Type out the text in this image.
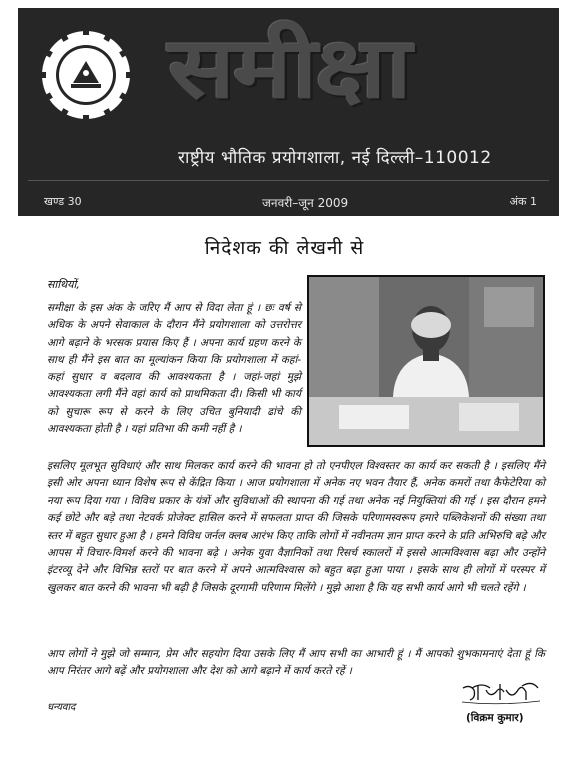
समीक्षा
राष्ट्रीय भौतिक प्रयोगशाला, नई दिल्ली–110012
खण्ड 30	जनवरी–जून 2009	अंक 1
निदेशक की लेखनी से
साथियों,
समीक्षा के इस अंक के जरिए मैं आप से विदा लेता हूं । छः वर्ष से अधिक के अपने सेवाकाल के दौरान मैंने प्रयोगशाला को उत्तरोत्तर आगे बढ़ाने के भरसक प्रयास किए हैं । अपना कार्य ग्रहण करने के साथ ही मैंने इस बात का मूल्यांकन किया कि प्रयोगशाला में कहां-कहां सुधार व बदलाव की आवश्यकता है । जहां-जहां मुझे आवश्यकता लगी मैंने वहां कार्य को प्राथमिकता दी। किसी भी कार्य को सुचारू रूप से करने के लिए उचित बुनियादी ढांचे की आवश्यकता होती है । यहां प्रतिभा की कमी नहीं है ।
इसलिए मूलभूत सुविधाएं और साथ मिलकर कार्य करने की भावना हो तो एनपीएल विश्वस्तर का कार्य कर सकती है । इसलिए मैंने इसी ओर अपना ध्यान विशेष रूप से केंद्रित किया । आज प्रयोगशाला में अनेक नए भवन तैयार हैं, अनेक कमरों तथा कैफेटेरिया को नया रूप दिया गया । विविध प्रकार के यंत्रों और सुविधाओं की स्थापना की गई तथा अनेक नई नियुक्तियां की गई । इस दौरान हमने कई छोटे और बड़े तथा नेटवर्क प्रोजेक्ट हासिल करने में सफलता प्राप्त की जिसके परिणामस्वरूप हमारे पब्लिकेशनों की संख्या तथा स्तर में बहुत सुधार हुआ है । हमने विविध जर्नल क्लब आरंभ किए ताकि लोगों में नवीनतम ज्ञान प्राप्त करने के प्रति अभिरुचि बढ़े और आपस में विचार-विमर्श करने की भावना बढ़े । अनेक युवा वैज्ञानिकों तथा रिसर्च स्कालरों में इससे आत्मविश्वास बढ़ा और उन्होंने इंटरव्यू देने और विभिन्न स्तरों पर बात करने में अपने आत्मविश्वास को बहुत बढ़ा हुआ पाया । इसके साथ ही लोगों में परस्पर में खुलकर बात करने की भावना भी बढ़ी है जिसके दूरगामी परिणाम मिलेंगे । मुझे आशा है कि यह सभी कार्य आगे भी चलते रहेंगे ।
आप लोगों ने मुझे जो सम्मान, प्रेम और सहयोग दिया उसके लिए मैं आप सभी का आभारी हूं । मैं आपको शुभकामनाएं देता हूं कि आप निरंतर आगे बढ़ें और प्रयोगशाला और देश को आगे बढ़ाने में कार्य करते रहें ।
धन्यवाद
(विक्रम कुमार)
